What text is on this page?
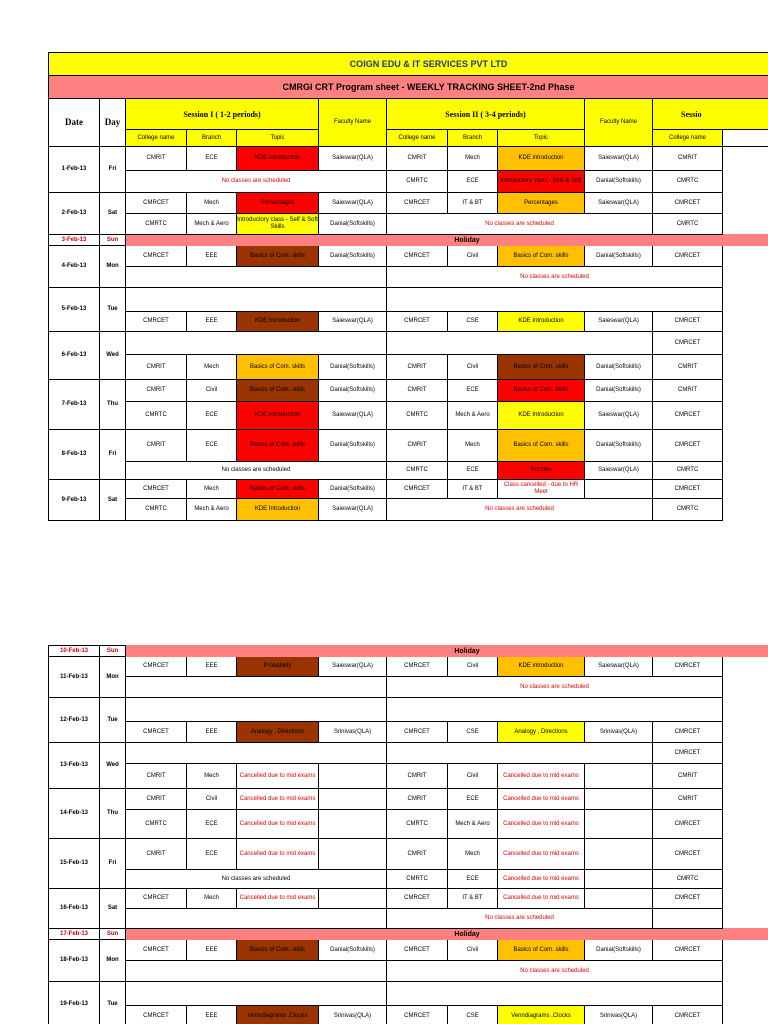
COIGN EDU & IT SERVICES PVT LTD											
CMRGI CRT Program sheet - WEEKLY TRACKING SHEET-2nd Phase											
Date	Day	Session I ( 1-2 periods)			Faculty Name	Session II ( 3-4 periods)			Faculty Name	Sessio	
		College name	Branch	Topic		College name	Branch	Topic		College name	
1-Feb-13	Fri	CMRIT	ECE	KDE Introduction	Saieswar(QLA)	CMRIT	Mech	KDE introduction	Saieswar(QLA)	CMRIT	
		No classes are scheduled				CMRTC	ECE	Introductory class - Skill & Soft	Danial(Softskills)	CMRTC	
2-Feb-13	Sat	CMRCET	Mech	Percentages	Saieswar(QLA)	CMRCET	IT & BT	Percentages	Saieswar(QLA)	CMRCET	
		CMRTC	Mech & Aero	Introductory class - Self & Soft Skills	Danial(Softskills)	No classes are scheduled				CMRTC	
3-Feb-13	Sun	Holiday									
4-Feb-13	Mon	CMRCET	EEE	Basics of Com. skills	Danial(Softskills)	CMRCET	Civil	Basics of Com. skills	Danial(Softskills)	CMRCET	
						No classes are scheduled					
5-Feb-13	Tue										
		CMRCET	EEE	KDE Introduction	Saieswar(QLA)	CMRCET	CSE	KDE Introduction	Saieswar(QLA)	CMRCET	
6-Feb-13	Wed									CMRCET	
		CMRIT	Mech	Basics of Com. skills	Danial(Softskills)	CMRIT	Civil	Basics of Com. skills	Danial(Softskills)	CMRIT	
7-Feb-13	Thu	CMRIT	Civil	Basics of Com. skills	Danial(Softskills)	CMRIT	ECE	Basics of Com. skills	Danial(Softskills)	CMRIT	
		CMRTC	ECE	KDE Introduction	Saieswar(QLA)	CMRTC	Mech & Aero	KDE Introduction	Saieswar(QLA)	CMRCET	
8-Feb-13	Fri	CMRIT	ECE	Basics of Com. skills	Danial(Softskills)	CMRIT	Mech	Basics of Com. skills	Danial(Softskills)	CMRCET	
		No classes are scheduled				CMRTC	ECE	Puzzles	Saieswar(QLA)	CMRTC	
9-Feb-13	Sat	CMRCET	Mech	Basics of Com. skills	Danial(Softskills)	CMRCET	IT & BT	Class cancelled - due to HR Meet		CMRCET	
		CMRTC	Mech & Aero	KDE Introduction	Saieswar(QLA)	No classes are scheduled				CMRTC	
10-Feb-13	Sun	Holiday									
11-Feb-13	Mon	CMRCET	EEE	Probability	Saieswar(QLA)	CMRCET	Civil	KDE introduction	Saieswar(QLA)	CMRCET	
						No classes are scheduled					
12-Feb-13	Tue										
		CMRCET	EEE	Analogy , Directions	Srinivas(QLA)	CMRCET	CSE	Analogy , Directions	Srinivas(QLA)	CMRCET	
13-Feb-13	Wed									CMRCET	
		CMRIT	Mech	Cancelled due to mid exams		CMRIT	Civil	Cancelled due to mid exams		CMRIT	
14-Feb-13	Thu	CMRIT	Civil	Cancelled due to mid exams		CMRIT	ECE	Cancelled due to mid exams		CMRIT	
		CMRTC	ECE	Cancelled due to mid exams		CMRTC	Mech & Aero	Cancelled due to mid exams		CMRCET	
15-Feb-13	Fri	CMRIT	ECE	Cancelled due to mid exams		CMRIT	Mech	Cancelled due to mid exams		CMRCET	
		No classes are scheduled				CMRTC	ECE	Cancelled due to mid exams		CMRTC	
16-Feb-13	Sat	CMRCET	Mech	Cancelled due to mid exams		CMRCET	IT & BT	Cancelled due to mid exams		CMRCET	
						No classes are scheduled					
17-Feb-13	Sun	Holiday									
18-Feb-13	Mon	CMRCET	EEE	Basics of Com. skills	Danial(Softskills)	CMRCET	Civil	Basics of Com. skills	Danial(Softskills)	CMRCET	
						No classes are scheduled					
19-Feb-13	Tue										
		CMRCET	EEE	Venndiagrams ,Clocks	Srinivas(QLA)	CMRCET	CSE	Venndiagrams ,Clocks	Srinivas(QLA)	CMRCET	
